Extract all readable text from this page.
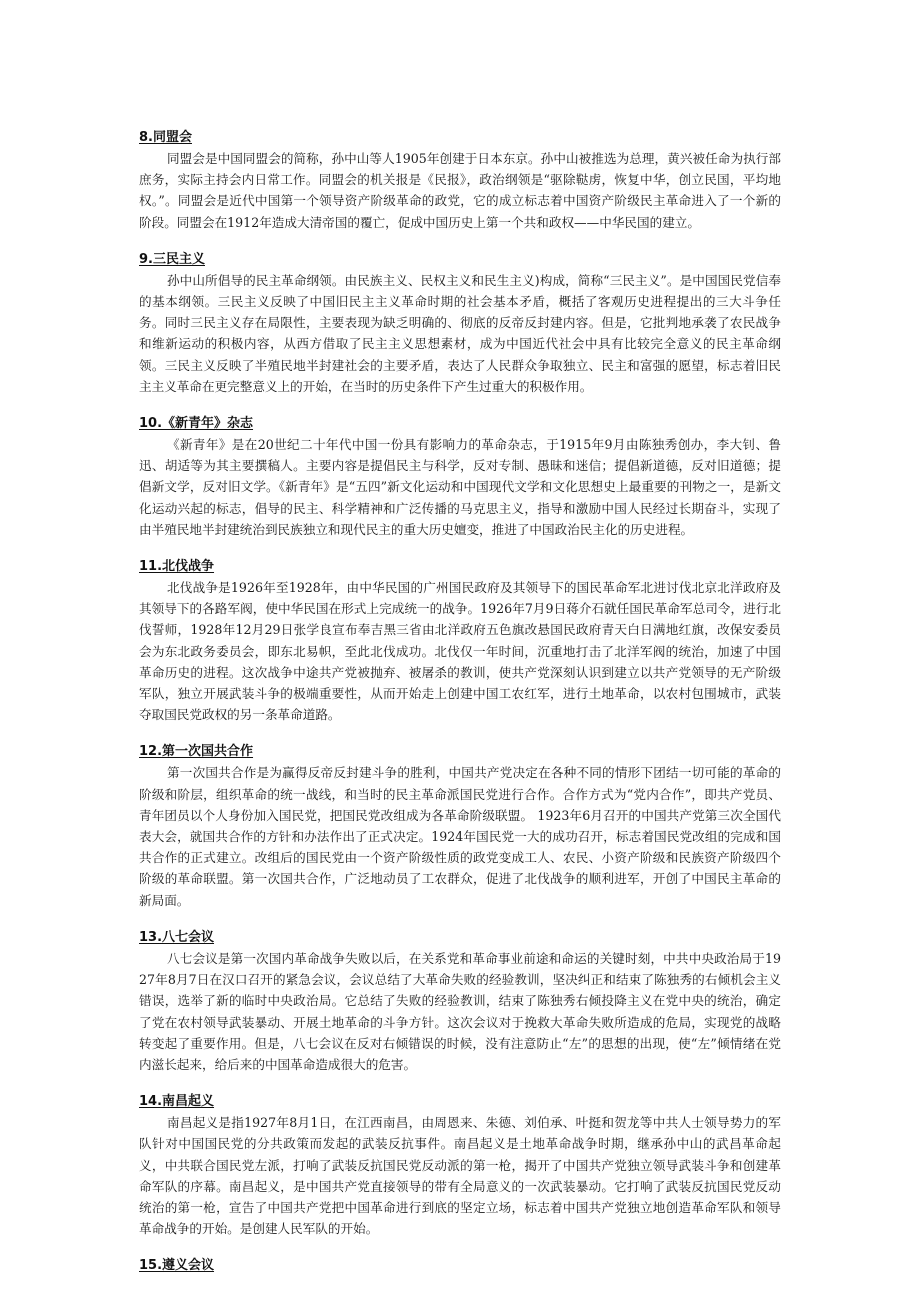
8.同盟会

同盟会是中国同盟会的简称，孙中山等人1905年创建于日本东京。孙中山被推选为总理，黄兴被任命为执行部庶务，实际主持会内日常工作。同盟会的机关报是《民报》，政治纲领是“驱除鞑虏，恢复中华，创立民国，平均地权。”。同盟会是近代中国第一个领导资产阶级革命的政党，它的成立标志着中国资产阶级民主革命进入了一个新的阶段。同盟会在1912年造成大清帝国的覆亡，促成中国历史上第一个共和政权——中华民国的建立。

9.三民主义

孙中山所倡导的民主革命纲领。由民族主义、民权主义和民生主义)构成，简称“三民主义”。是中国国民党信奉的基本纲领。三民主义反映了中国旧民主主义革命时期的社会基本矛盾，概括了客观历史进程提出的三大斗争任务。同时三民主义存在局限性，主要表现为缺乏明确的、彻底的反帝反封建内容。但是，它批判地承袭了农民战争和维新运动的积极内容，从西方借取了民主主义思想素材，成为中国近代社会中具有比较完全意义的民主革命纲领。三民主义反映了半殖民地半封建社会的主要矛盾，表达了人民群众争取独立、民主和富强的愿望，标志着旧民主主义革命在更完整意义上的开始，在当时的历史条件下产生过重大的积极作用。

10.《新青年》杂志

《新青年》是在20世纪二十年代中国一份具有影响力的革命杂志，于1915年9月由陈独秀创办，李大钊、鲁迅、胡适等为其主要撰稿人。主要内容是提倡民主与科学，反对专制、愚昧和迷信；提倡新道德，反对旧道德；提倡新文学，反对旧文学。《新青年》是“五四”新文化运动和中国现代文学和文化思想史上最重要的刊物之一，是新文化运动兴起的标志，倡导的民主、科学精神和广泛传播的马克思主义，指导和激励中国人民经过长期奋斗，实现了由半殖民地半封建统治到民族独立和现代民主的重大历史嬗变，推进了中国政治民主化的历史进程。

11.北伐战争

北伐战争是1926年至1928年，由中华民国的广州国民政府及其领导下的国民革命军北进讨伐北京北洋政府及其领导下的各路军阀，使中华民国在形式上完成统一的战争。1926年7月9日蒋介石就任国民革命军总司令，进行北伐誓师，1928年12月29日张学良宣布奉吉黑三省由北洋政府五色旗改悬国民政府青天白日满地红旗，改保安委员会为东北政务委员会，即东北易帜，至此北伐成功。北伐仅一年时间，沉重地打击了北洋军阀的统治，加速了中国革命历史的进程。这次战争中途共产党被抛弃、被屠杀的教训，使共产党深刻认识到建立以共产党领导的无产阶级军队，独立开展武装斗争的极端重要性，从而开始走上创建中国工农红军，进行土地革命，以农村包围城市，武装夺取国民党政权的另一条革命道路。

12.第一次国共合作

第一次国共合作是为赢得反帝反封建斗争的胜利，中国共产党决定在各种不同的情形下团结一切可能的革命的阶级和阶层，组织革命的统一战线，和当时的民主革命派国民党进行合作。合作方式为“党内合作”，即共产党员、青年团员以个人身份加入国民党，把国民党改组成为各革命阶级联盟。 1923年6月召开的中国共产党第三次全国代表大会，就国共合作的方针和办法作出了正式决定。1924年国民党一大的成功召开，标志着国民党改组的完成和国共合作的正式建立。改组后的国民党由一个资产阶级性质的政党变成工人、农民、小资产阶级和民族资产阶级四个阶级的革命联盟。第一次国共合作，广泛地动员了工农群众，促进了北伐战争的顺利进军，开创了中国民主革命的新局面。

13.八七会议

八七会议是第一次国内革命战争失败以后，在关系党和革命事业前途和命运的关键时刻，中共中央政治局于1927年8月7日在汉口召开的紧急会议，会议总结了大革命失败的经验教训，坚决纠正和结束了陈独秀的右倾机会主义错误，选举了新的临时中央政治局。它总结了失败的经验教训，结束了陈独秀右倾投降主义在党中央的统治，确定了党在农村领导武装暴动、开展土地革命的斗争方针。这次会议对于挽救大革命失败所造成的危局，实现党的战略转变起了重要作用。但是，八七会议在反对右倾错误的时候，没有注意防止“左”的思想的出现，使“左”倾情绪在党内滋长起来，给后来的中国革命造成很大的危害。

14.南昌起义

南昌起义是指1927年8月1日，在江西南昌，由周恩来、朱德、刘伯承、叶挺和贺龙等中共人士领导势力的军队针对中国国民党的分共政策而发起的武装反抗事件。南昌起义是土地革命战争时期，继承孙中山的武昌革命起义，中共联合国民党左派，打响了武装反抗国民党反动派的第一枪，揭开了中国共产党独立领导武装斗争和创建革命军队的序幕。南昌起义，是中国共产党直接领导的带有全局意义的一次武装暴动。它打响了武装反抗国民党反动统治的第一枪，宣告了中国共产党把中国革命进行到底的坚定立场，标志着中国共产党独立地创造革命军队和领导革命战争的开始。是创建人民军队的开始。

15.遵义会议
